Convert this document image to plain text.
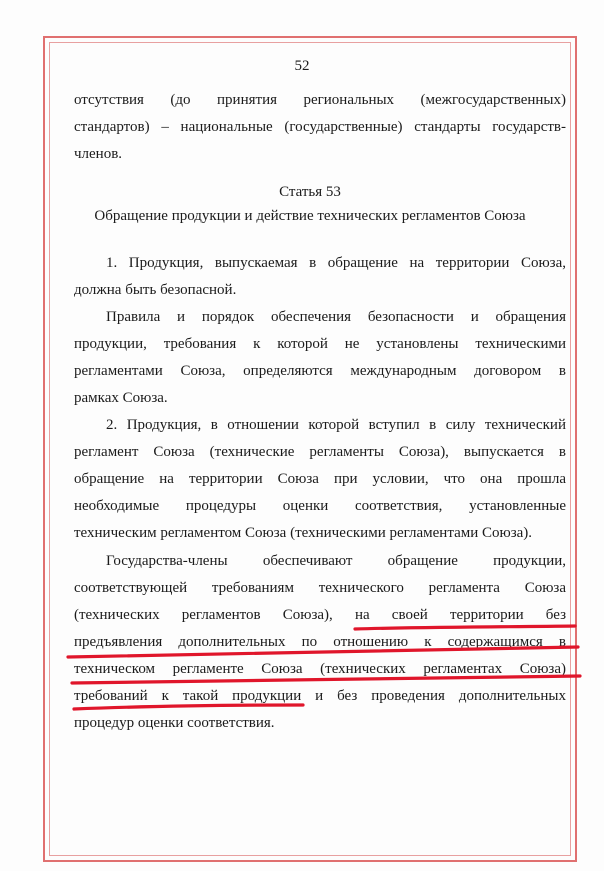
52
отсутствия (до принятия региональных (межгосударственных)
стандартов) – национальные (государственные) стандарты государств-
членов.
Статья 53
Обращение продукции и действие технических регламентов Союза
1. Продукция, выпускаемая в обращение на территории Союза,
должна быть безопасной.
Правила и порядок обеспечения безопасности и обращения
продукции, требования к которой не установлены техническими
регламентами Союза, определяются международным договором в
рамках Союза.
2. Продукция, в отношении которой вступил в силу технический
регламент Союза (технические регламенты Союза), выпускается в
обращение на территории Союза при условии, что она прошла
необходимые процедуры оценки соответствия, установленные
техническим регламентом Союза (техническими регламентами Союза).
Государства-члены обеспечивают обращение продукции,
соответствующей требованиям технического регламента Союза
(технических регламентов Союза), на своей территории без
предъявления дополнительных по отношению к содержащимся в
техническом регламенте Союза (технических регламентах Союза)
требований к такой продукции и без проведения дополнительных
процедур оценки соответствия.
